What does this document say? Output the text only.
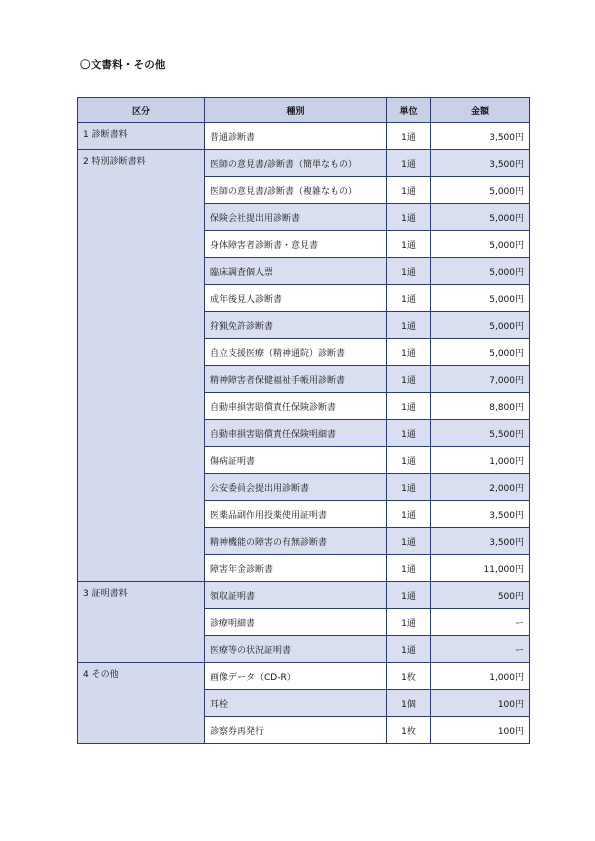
〇文書料・その他
区分	種別	単位	金額
1 診断書料	普通診断書	1通	3,500円
2 特別診断書料	医師の意見書/診断書（簡単なもの）	1通	3,500円
	医師の意見書/診断書（複雑なもの）	1通	5,000円
	保険会社提出用診断書	1通	5,000円
	身体障害者診断書・意見書	1通	5,000円
	臨床調査個人票	1通	5,000円
	成年後見人診断書	1通	5,000円
	狩猟免許診断書	1通	5,000円
	自立支援医療（精神通院）診断書	1通	5,000円
	精神障害者保健福祉手帳用診断書	1通	7,000円
	自動車損害賠償責任保険診断書	1通	8,800円
	自動車損害賠償責任保険明細書	1通	5,500円
	傷病証明書	1通	1,000円
	公安委員会提出用診断書	1通	2,000円
	医薬品副作用投薬使用証明書	1通	3,500円
	精神機能の障害の有無診断書	1通	3,500円
	障害年金診断書	1通	11,000円
3 証明書料	領収証明書	1通	500円
	診療明細書	1通	ー
	医療等の状況証明書	1通	ー
4 その他	画像データ（CD-R）	1枚	1,000円
	耳栓	1個	100円
	診察券再発行	1枚	100円
